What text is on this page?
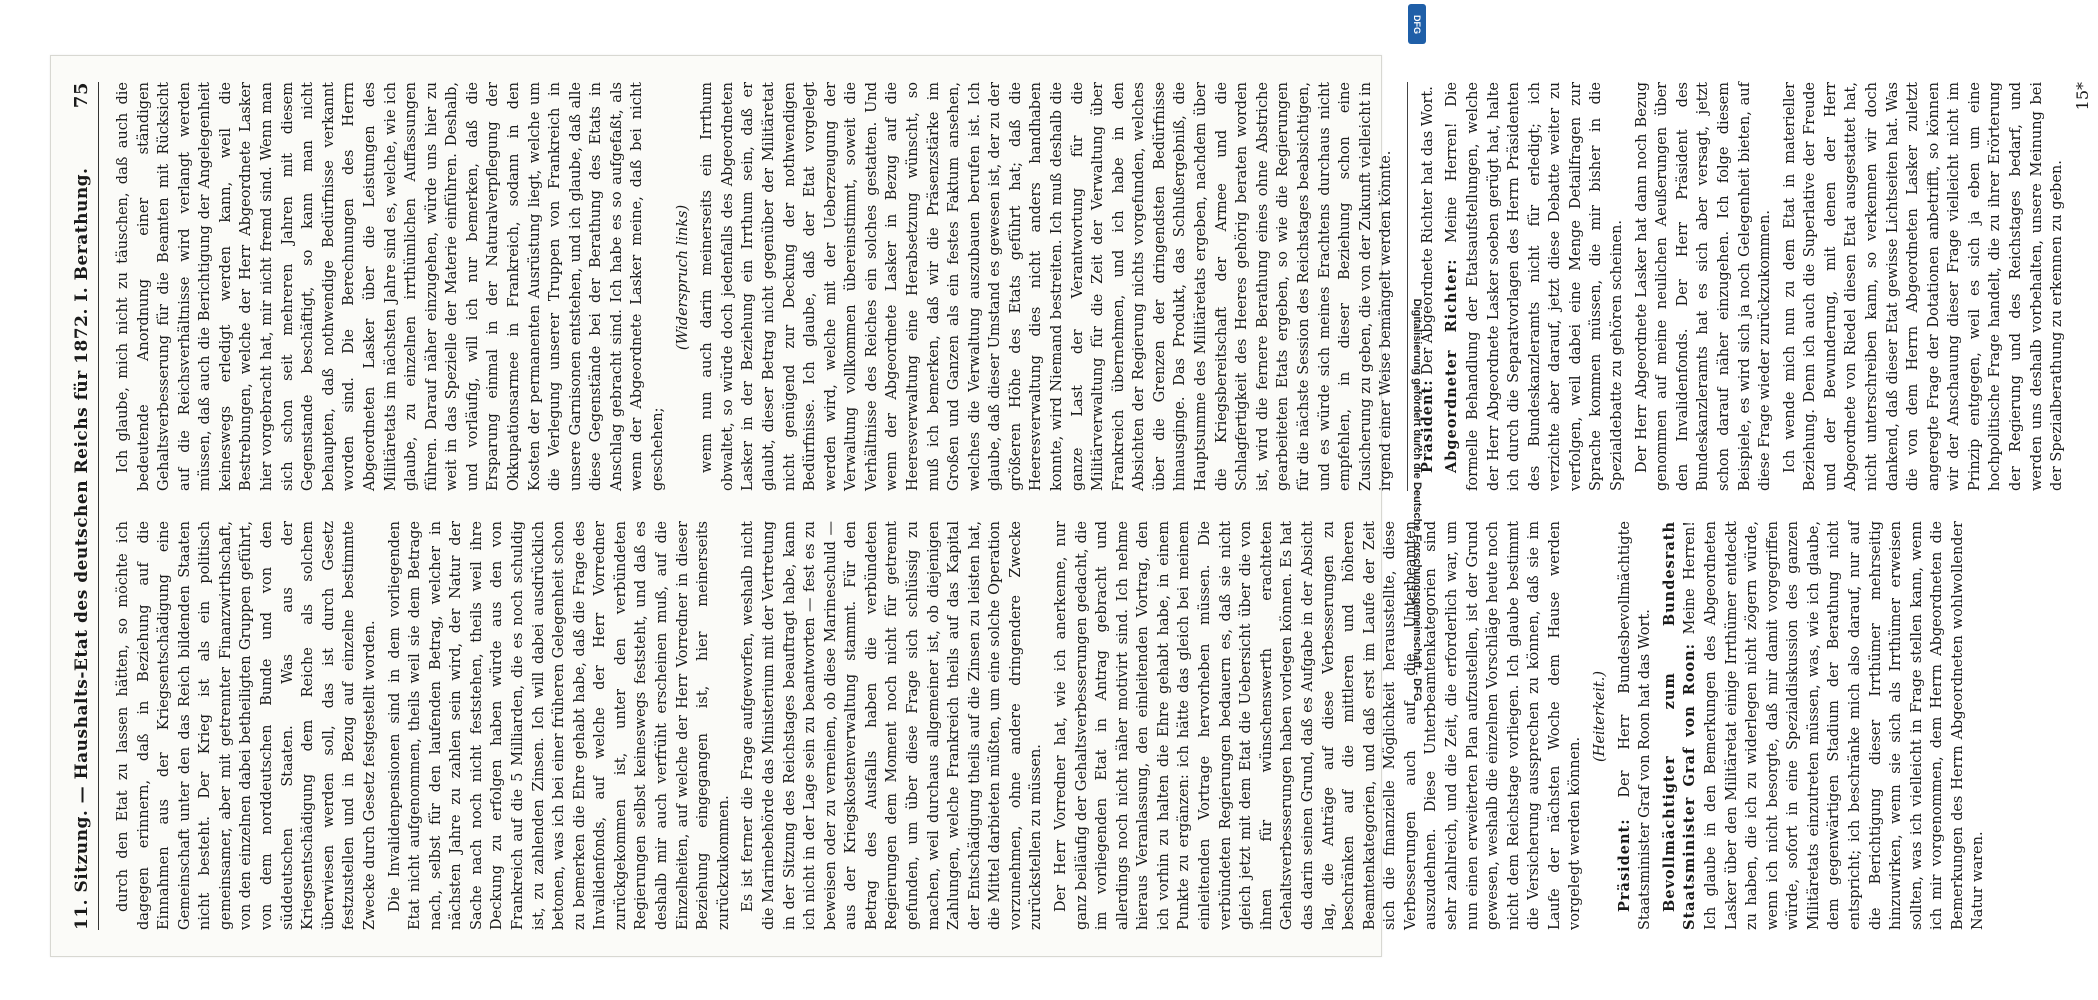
11. Sitzung. — Haushalts-Etat des deutschen Reichs für 1872. I. Berathung.
75

durch den Etat zu lassen hätten, so möchte ich dagegen erinnern, daß in Beziehung auf die Einnahmen aus der Kriegsentschädigung eine Gemeinschaft unter den das Reich bildenden Staaten nicht besteht. Der Krieg ist als ein politisch gemeinsamer, aber mit getrennter Finanzwirthschaft, von den einzelnen dabei betheiligten Gruppen geführt, von dem norddeutschen Bunde und von den süddeutschen Staaten. Was aus der Kriegsentschädigung dem Reiche als solchem überwiesen werden soll, das ist durch Gesetz festzustellen und in Bezug auf einzelne bestimmte Zwecke durch Gesetz festgestellt worden. Die Invalidenpensionen sind in dem vorliegenden Etat nicht aufgenommen, theils weil sie dem Betrage nach, selbst für den laufenden Betrag, welcher in nächsten Jahre zu zahlen sein wird, der Natur der Sache nach noch nicht feststehen, theils weil ihre Deckung zu erfolgen haben würde aus den von Frankreich auf die 5 Milliarden, die es noch schuldig ist, zu zahlenden Zinsen. Ich will dabei ausdrücklich betonen, was ich bei einer früheren Gelegenheit schon zu bemerken die Ehre gehabt habe, daß die Frage des Invalidenfonds, auf welche der Herr Vorredner zurückgekommen ist, unter den verbündeten Regierungen selbst keineswegs feststeht, und daß es deshalb mir auch verfrüht erscheinen muß, auf die Einzelheiten, auf welche der Herr Vorredner in dieser Beziehung eingegangen ist, hier meinerseits zurückzukommen. Es ist ferner die Frage aufgeworfen, weshalb nicht die Marinebehörde das Ministerium mit der Vertretung in der Sitzung des Reichstages beauftragt habe, kann ich nicht in der Lage sein zu beantworten — fest es zu beweisen oder zu verneinen, ob diese Marineschuld — aus der Kriegskostenverwaltung stammt. Für den Betrag des Ausfalls haben die verbündeten Regierungen dem Moment noch nicht für getrennt gefunden, um über diese Frage sich schlüssig zu machen, weil durchaus allgemeiner ist, ob diejenigen Zahlungen, welche Frankreich theils auf das Kapital der Entschädigung theils auf die Zinsen zu leisten hat, die Mittel darbieten müßten, um eine solche Operation vorzunehmen, ohne andere dringendere Zwecke zurückstellen zu müssen. Der Herr Vorredner hat, wie ich anerkenne, nur ganz beiläufig der Gehaltsverbesserungen gedacht, die im vorliegenden Etat in Antrag gebracht und allerdings noch nicht näher motivirt sind. Ich nehme hieraus Veranlassung, den einleitenden Vortrag, den ich vorhin zu halten die Ehre gehabt habe, in einem Punkte zu ergänzen: ich hätte das gleich bei meinem einleitenden Vortrage hervorheben müssen. Die verbündeten Regierungen bedauern es, daß sie nicht gleich jetzt mit dem Etat die Uebersicht über die von ihnen für wünschenswerth erachteten Gehaltsverbesserungen haben vorlegen können. Es hat das darin seinen Grund, daß es Aufgabe in der Absicht lag, die Anträge auf diese Verbesserungen zu beschränken auf die mittleren und höheren Beamtenkategorien, und daß erst im Laufe der Zeit sich die finanzielle Möglichkeit herausstellte, diese Verbesserungen auch auf die Unterbeamten auszudehnen. Diese Unterbeamtenkategorien sind sehr zahlreich, und die Zeit, die erforderlich war, um nun einen erweiterten Plan aufzustellen, ist der Grund gewesen, weshalb die einzelnen Vorschläge heute noch nicht dem Reichstage vorliegen. Ich glaube bestimmt die Versicherung aussprechen zu können, daß sie im Laufe der nächsten Woche dem Hause werden vorgelegt werden können.

(Heiterkeit.)

Präsident: Der Herr Bundesbevollmächtigte Staatsminister Graf von Roon hat das Wort. Bevollmächtigter zum Bundesrath Staatsminister Graf von Roon: Meine Herren! Ich glaube in den Bemerkungen des Abgeordneten Lasker über den Militäretat einige Irrthümer entdeckt zu haben, die ich zu widerlegen nicht zögern würde, wenn ich nicht besorgte, daß mir damit vorgegriffen würde, sofort in eine Spezialdiskussion des ganzen Militäretats einzutreten müssen, was, wie ich glaube, dem gegenwärtigen Stadium der Berathung nicht entspricht; ich beschränke mich also darauf, nur auf die Berichtigung dieser Irrthümer mehrseitig hinzuwirken, wenn sie sich als Irrthümer erweisen sollten, was ich vielleicht in Frage stellen kann, wenn ich mir vorgenommen, dem Herrn Abgeordneten die Bemerkungen des Herrn Abgeordneten wohlwollender Natur waren.

Ich glaube, mich nicht zu täuschen, daß auch die bedeutende Anordnung einer ständigen Gehaltsverbesserung für die Beamten mit Rücksicht auf die Reichsverhältnisse wird verlangt werden müssen, daß auch die Berichtigung der Angelegenheit keineswegs erledigt werden kann, weil die Bestrebungen, welche der Herr Abgeordnete Lasker hier vorgebracht hat, mir nicht fremd sind. Wenn man sich schon seit mehreren Jahren mit diesem Gegenstande beschäftigt, so kann man nicht behaupten, daß nothwendige Bedürfnisse verkannt worden sind. Die Berechnungen des Herrn Abgeordneten Lasker über die Leistungen des Militäretats im nächsten Jahre sind es, welche, wie ich glaube, zu einzelnen irrthümlichen Auffassungen führen. Darauf näher einzugehen, würde uns hier zu weit in das Spezielle der Materie einführen. Deshalb, und vorläufig, will ich nur bemerken, daß die Ersparung einmal in der Naturalverpflegung der Okkupationsarmee in Frankreich, sodann in den Kosten der permanenten Ausrüstung liegt, welche um die Verlegung unserer Truppen von Frankreich in unsere Garnisonen entstehen, und ich glaube, daß alle diese Gegenstände bei der Berathung des Etats in Anschlag gebracht sind. Ich habe es so aufgefaßt, als wenn der Abgeordnete Lasker meine, daß bei nicht geschehen;

(Widerspruch links) wenn nun auch darin meinerseits ein Irrthum obwaltet, so würde doch jedenfalls des Abgeordneten Lasker in der Beziehung ein Irrthum sein, daß er glaubt, dieser Betrag nicht gegenüber der Militäretat nicht genügend zur Deckung der nothwendigen Bedürfnisse. Ich glaube, daß der Etat vorgelegt werden wird, welche mit der Ueberzeugung der Verwaltung vollkommen übereinstimmt, soweit die Verhältnisse des Reiches ein solches gestatten. Und wenn der Abgeordnete Lasker in Bezug auf die Heeresverwaltung eine Herabsetzung wünscht, so muß ich bemerken, daß wir die Präsenzstärke im Großen und Ganzen als ein festes Faktum ansehen, welches die Verwaltung auszubauen berufen ist. Ich glaube, daß dieser Umstand es gewesen ist, der zu der größeren Höhe des Etats geführt hat; daß die Heeresverwaltung dies nicht anders handhaben konnte, wird Niemand bestreiten. Ich muß deshalb die ganze Last der Verantwortung für die Militärverwaltung für die Zeit der Verwaltung über Frankreich übernehmen, und ich habe in den Absichten der Regierung nichts vorgefunden, welches über die Grenzen der dringendsten Bedürfnisse hinausginge. Das Produkt, das Schlußergebniß, die Hauptsumme des Militäretats ergeben, nachdem über die Kriegsbereitschaft der Armee und die Schlagfertigkeit des Heeres gehörig beraten worden ist, wird die fernere Berathung eines ohne Abstriche gearbeiteten Etats ergeben, so wie die Regierungen für die nächste Session des Reichstages beabsichtigen, und es würde sich meines Erachtens durchaus nicht empfehlen, in dieser Beziehung schon eine Zusicherung zu geben, die von der Zukunft vielleicht in irgend einer Weise bemängelt werden könnte. Präsident: Der Abgeordnete Richter hat das Wort. Abgeordneter Richter: Meine Herren! Die formelle Behandlung der Etatsaufstellungen, welche der Herr Abgeordnete Lasker soeben gerügt hat, halte ich durch die Separatvorlagen des Herrn Präsidenten des Bundeskanzleramts nicht für erledigt; ich verzichte aber darauf, jetzt diese Debatte weiter zu verfolgen, weil dabei eine Menge Detailfragen zur Sprache kommen müssen, die mir bisher in die Spezialdebatte zu gehören scheinen. Der Herr Abgeordnete Lasker hat dann noch Bezug genommen auf meine neulichen Aeußerungen über den Invalidenfonds. Der Herr Präsident des Bundeskanzleramts hat es sich aber versagt, jetzt schon darauf näher einzugehen. Ich folge diesem Beispiele, es wird sich ja noch Gelegenheit bieten, auf diese Frage wieder zurückzukommen. Ich wende mich nun zu dem Etat in materieller Beziehung. Denn ich auch die Superlative der Freude und der Bewunderung, mit denen der Herr Abgeordnete von Riedel diesen Etat ausgestattet hat, nicht unterschreiben kann, so verkennen wir doch dankend, daß dieser Etat gewisse Lichtseiten hat. Was die von dem Herrn Abgeordneten Lasker zuletzt angeregte Frage der Dotationen anbetrifft, so können wir der Anschauung dieser Frage vielleicht nicht im Prinzip entgegen, weil es sich ja eben um eine hochpolitische Frage handelt, die zu ihrer Erörterung der Regierung und des Reichstages bedarf, und werden uns deshalb vorbehalten, unsere Meinung bei der Spezialberathung zu erkennen zu geben.

15*

Digitalisierung gefördert durch die Deutsche Forschungsgemeinschaft - DFG
DFG
